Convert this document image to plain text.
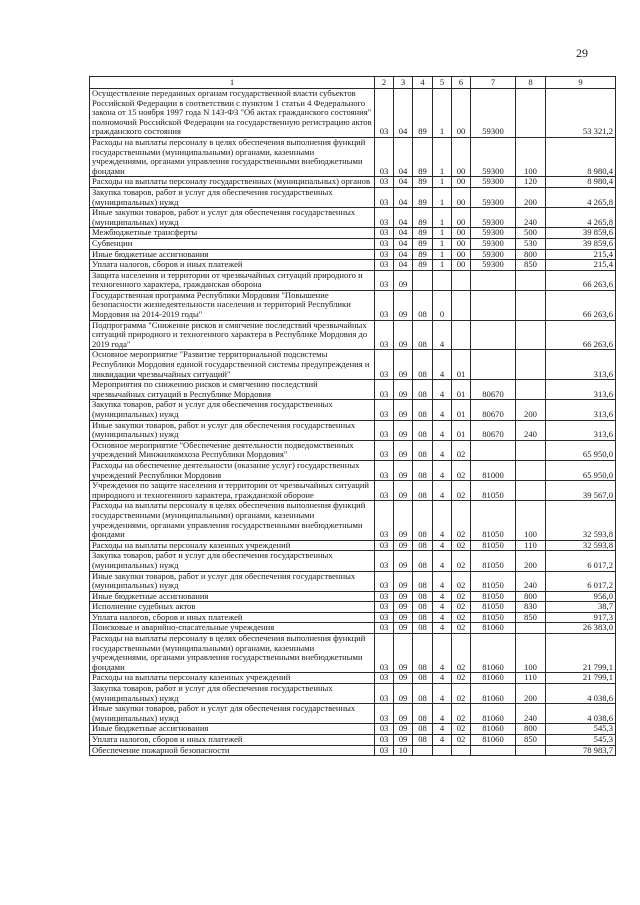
29
1	2	3	4	5	6	7	8	9
Осуществление переданных органам государственной власти субъектов Российской Федерации в соответствии с пунктом 1 статьи 4 Федерального закона от 15 ноября 1997 года N 143-ФЗ "Об актах гражданского состояния" полномочий Российской Федерации на государственную регистрацию актов гражданского состояния	03	04	89	1	00	59300		53 321,2
Расходы на выплаты персоналу в целях обеспечения выполнения функций государственными (муниципальными) органами, казенными учреждениями, органами управления государственными внебюджетными фондами	03	04	89	1	00	59300	100	8 980,4
Расходы на выплаты персоналу государственных (муниципальных) органов	03	04	89	1	00	59300	120	8 980,4
Закупка товаров, работ и услуг для обеспечения государственных (муниципальных) нужд	03	04	89	1	00	59300	200	4 265,8
Иные закупки товаров, работ и услуг для обеспечения государственных (муниципальных) нужд	03	04	89	1	00	59300	240	4 265,8
Межбюджетные трансферты	03	04	89	1	00	59300	500	39 859,6
Субвенции	03	04	89	1	00	59300	530	39 859,6
Иные бюджетные ассигнования	03	04	89	1	00	59300	800	215,4
Уплата налогов, сборов и иных платежей	03	04	89	1	00	59300	850	215,4
Защита населения и территории от чрезвычайных ситуаций природного и техногенного характера, гражданская оборона	03	09						66 263,6
Государственная программа Республики Мордовия "Повышение безопасности жизнедеятельности населения и территорий Республики Мордовия на 2014-2019 годы"	03	09	08	0				66 263,6
Подпрограмма "Снижение рисков и смягчение последствий чрезвычайных ситуаций природного и техногенного характера в Республике Мордовия до 2019 года"	03	09	08	4				66 263,6
Основное мероприятие "Развитие территориальной подсистемы Республики Мордовия единой государственной системы предупреждения и ликвидации чрезвычайных ситуаций"	03	09	08	4	01			313,6
Мероприятия по снижению рисков и смягчению последствий чрезвычайных ситуаций в Республике Мордовия	03	09	08	4	01	80670		313,6
Закупка товаров, работ и услуг для обеспечения государственных (муниципальных) нужд	03	09	08	4	01	80670	200	313,6
Иные закупки товаров, работ и услуг для обеспечения государственных (муниципальных) нужд	03	09	08	4	01	80670	240	313,6
Основное мероприятие "Обеспечение деятельности подведомственных учреждений Минжилкомхоза Республики Мордовия"	03	09	08	4	02			65 950,0
Расходы на обеспечение деятельности (оказание услуг) государственных учреждений Республики Мордовия	03	09	08	4	02	81000		65 950,0
Учреждения по защите населения и территории от чрезвычайных ситуаций природного и техногенного характера, гражданской обороне	03	09	08	4	02	81050		39 567,0
Расходы на выплаты персоналу в целях обеспечения выполнения функций государственными (муниципальными) органами, казенными учреждениями, органами управления государственными внебюджетными фондами	03	09	08	4	02	81050	100	32 593,8
Расходы на выплаты персоналу казенных учреждений	03	09	08	4	02	81050	110	32 593,8
Закупка товаров, работ и услуг для обеспечения государственных (муниципальных) нужд	03	09	08	4	02	81050	200	6 017,2
Иные закупки товаров, работ и услуг для обеспечения государственных (муниципальных) нужд	03	09	08	4	02	81050	240	6 017,2
Иные бюджетные ассигнования	03	09	08	4	02	81050	800	956,0
Исполнение судебных актов	03	09	08	4	02	81050	830	38,7
Уплата налогов, сборов и иных платежей	03	09	08	4	02	81050	850	917,3
Поисковые и аварийно-спасательные учреждения	03	09	08	4	02	81060		26 383,0
Расходы на выплаты персоналу в целях обеспечения выполнения функций государственными (муниципальными) органами, казенными учреждениями, органами управления государственными внебюджетными фондами	03	09	08	4	02	81060	100	21 799,1
Расходы на выплаты персоналу казенных учреждений	03	09	08	4	02	81060	110	21 799,1
Закупка товаров, работ и услуг для обеспечения государственных (муниципальных) нужд	03	09	08	4	02	81060	200	4 038,6
Иные закупки товаров, работ и услуг для обеспечения государственных (муниципальных) нужд	03	09	08	4	02	81060	240	4 038,6
Иные бюджетные ассигнования	03	09	08	4	02	81060	800	545,3
Уплата налогов, сборов и иных платежей	03	09	08	4	02	81060	850	545,3
Обеспечение пожарной безопасности	03	10						78 983,7
